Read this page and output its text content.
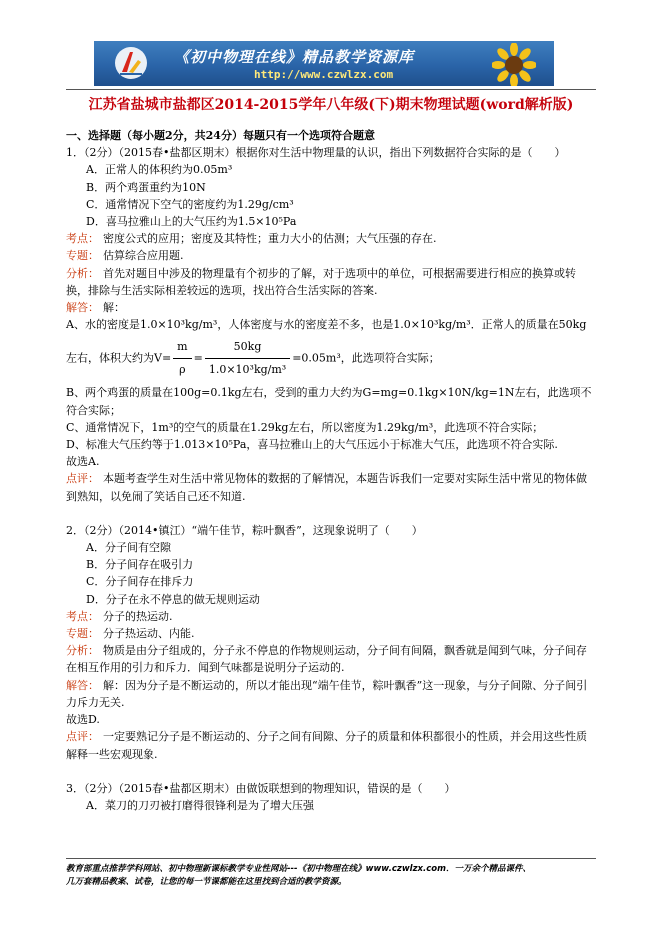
《初中物理在线》精品教学资源库
http://www.czwlzx.com
江苏省盐城市盐都区2014-2015学年八年级(下)期末物理试题(word解析版)

一、选择题（每小题2分，共24分）每题只有一个选项符合题意

1．（2分）（2015春•盐都区期末）根据你对生活中物理量的认识，指出下列数据符合实际的是（　　）

A．正常人的体积约为0.05m³

B．两个鸡蛋重约为10N

C．通常情况下空气的密度约为1.29g/cm³

D．喜马拉雅山上的大气压约为1.5×10⁵Pa

考点： 密度公式的应用；密度及其特性；重力大小的估测；大气压强的存在.

专题： 估算综合应用题.

分析： 首先对题目中涉及的物理量有个初步的了解，对于选项中的单位，可根据需要进行相应的换算或转换，排除与生活实际相差较远的选项，找出符合生活实际的答案.

解答： 解：

A、水的密度是1.0×10³kg/m³，人体密度与水的密度差不多，也是1.0×10³kg/m³．正常人的质量在50kg

左右，体积大约为$V= \frac{m}{\rho} = \frac{50kg}{\text{1.0×10³kg/m³}} =0.05m^3$，此选项符合实际；

B、两个鸡蛋的质量在100g=0.1kg左右，受到的重力大约为G=mg=0.1kg×10N/kg=1N左右，此选项不符合实际；

C、通常情况下，1m³的空气的质量在1.29kg左右，所以密度为1.29kg/m³，此选项不符合实际；

D、标准大气压约等于1.013×10⁵Pa，喜马拉雅山上的大气压远小于标准大气压，此选项不符合实际.

故选A.

点评： 本题考查学生对生活中常见物体的数据的了解情况，本题告诉我们一定要对实际生活中常见的物体做到熟知，以免闹了笑话自己还不知道.

2．（2分）（2014•镇江）“端午佳节，粽叶飘香”，这现象说明了（　　）

A．分子间有空隙

B．分子间存在吸引力

C．分子间存在排斥力

D．分子在永不停息的做无规则运动

考点： 分子的热运动.

专题： 分子热运动、内能.

分析： 物质是由分子组成的，分子永不停息的作物规则运动，分子间有间隔，飘香就是闻到气味，分子间存在相互作用的引力和斥力．闻到气味都是说明分子运动的.

解答： 解：因为分子是不断运动的，所以才能出现“端午佳节，粽叶飘香”这一现象，与分子间隙、分子间引力斥力无关.

故选D.

点评： 一定要熟记分子是不断运动的、分子之间有间隙、分子的质量和体积都很小的性质，并会用这些性质解释一些宏观现象.

3．（2分）（2015春•盐都区期末）由做饭联想到的物理知识，错误的是（　　）

A．菜刀的刀刃被打磨得很锋利是为了增大压强

教育部重点推荐学科网站、初中物理新课标教学专业性网站---《初中物理在线》www.czwlzx.com．一万余个精品课件、
几万套精品教案、试卷，让您的每一节课都能在这里找到合适的教学资源。
